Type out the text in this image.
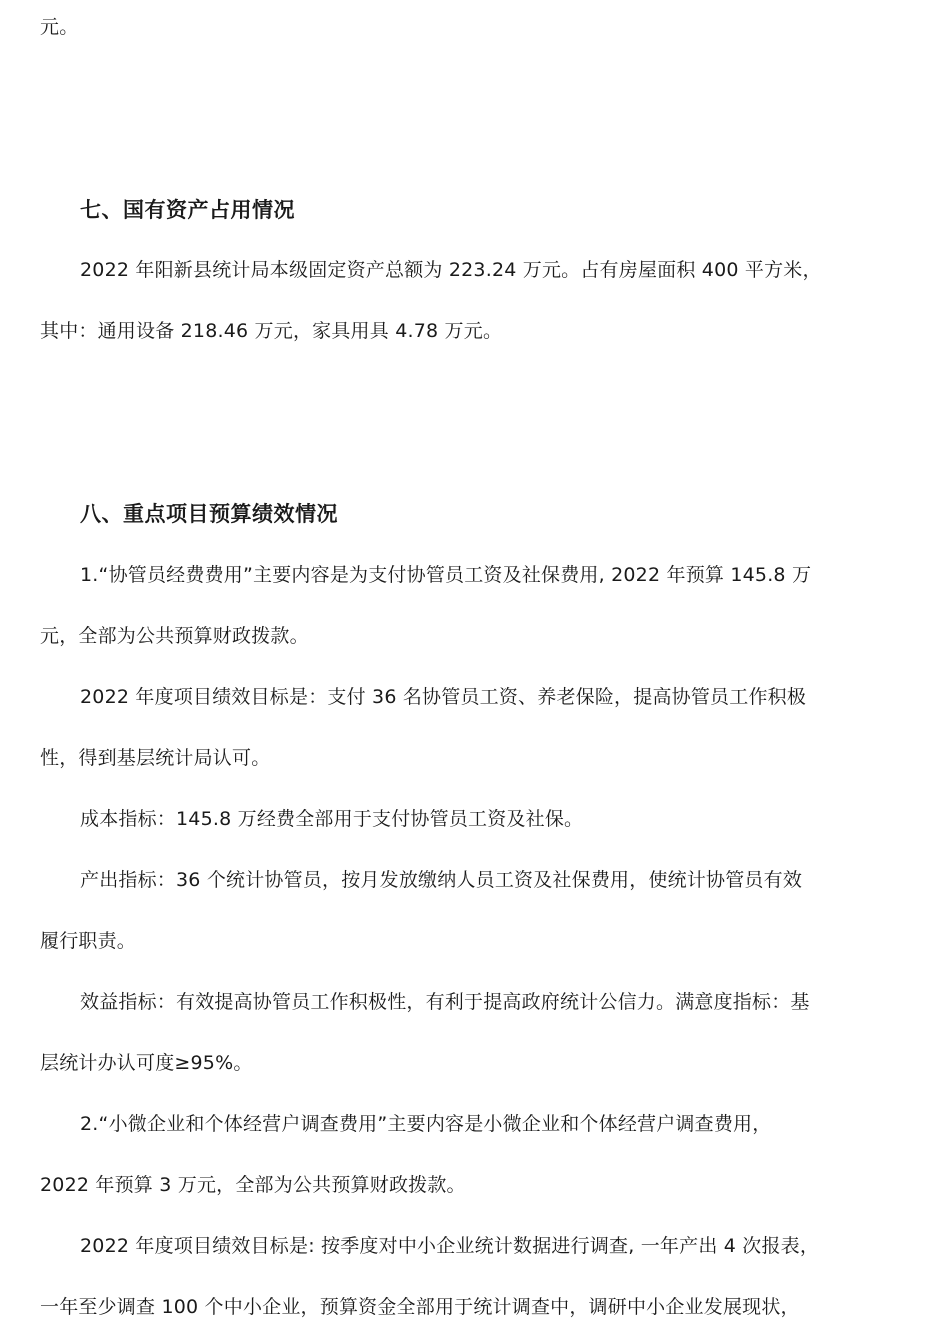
元。
七、国有资产占用情况
2022 年阳新县统计局本级固定资产总额为 223.24 万元。占有房屋面积 400 平方米，
其中：通用设备 218.46 万元，家具用具 4.78 万元。
八、重点项目预算绩效情况
1.“协管员经费费用”主要内容是为支付协管员工资及社保费用, 2022 年预算 145.8 万
元，全部为公共预算财政拨款。
2022 年度项目绩效目标是：支付 36 名协管员工资、养老保险，提高协管员工作积极
性，得到基层统计局认可。
成本指标：145.8 万经费全部用于支付协管员工资及社保。
产出指标：36 个统计协管员，按月发放缴纳人员工资及社保费用，使统计协管员有效
履行职责。
效益指标：有效提高协管员工作积极性，有利于提高政府统计公信力。满意度指标：基
层统计办认可度≥95%。
2.“小微企业和个体经营户调查费用”主要内容是小微企业和个体经营户调查费用，
2022 年预算 3 万元，全部为公共预算财政拨款。
2022 年度项目绩效目标是: 按季度对中小企业统计数据进行调查, 一年产出 4 次报表，
一年至少调查 100 个中小企业，预算资金全部用于统计调查中，调研中小企业发展现状，
